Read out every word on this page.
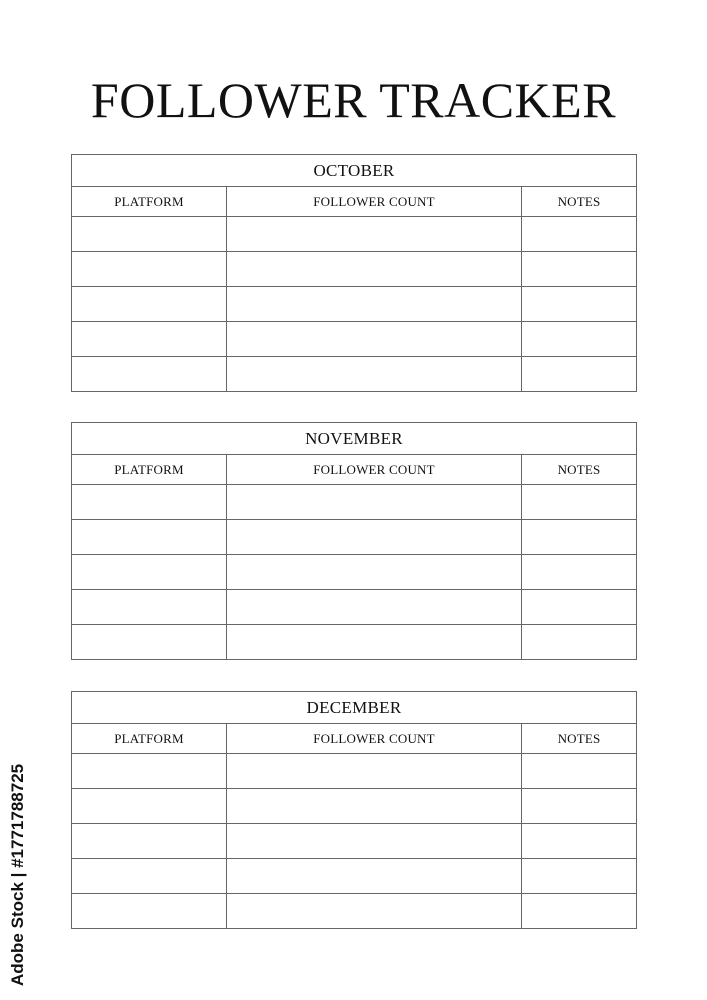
FOLLOWER TRACKER
OCTOBER		
PLATFORM	FOLLOWER COUNT	NOTES

NOVEMBER		
PLATFORM	FOLLOWER COUNT	NOTES

DECEMBER		
PLATFORM	FOLLOWER COUNT	NOTES

Adobe Stock | #1771788725
